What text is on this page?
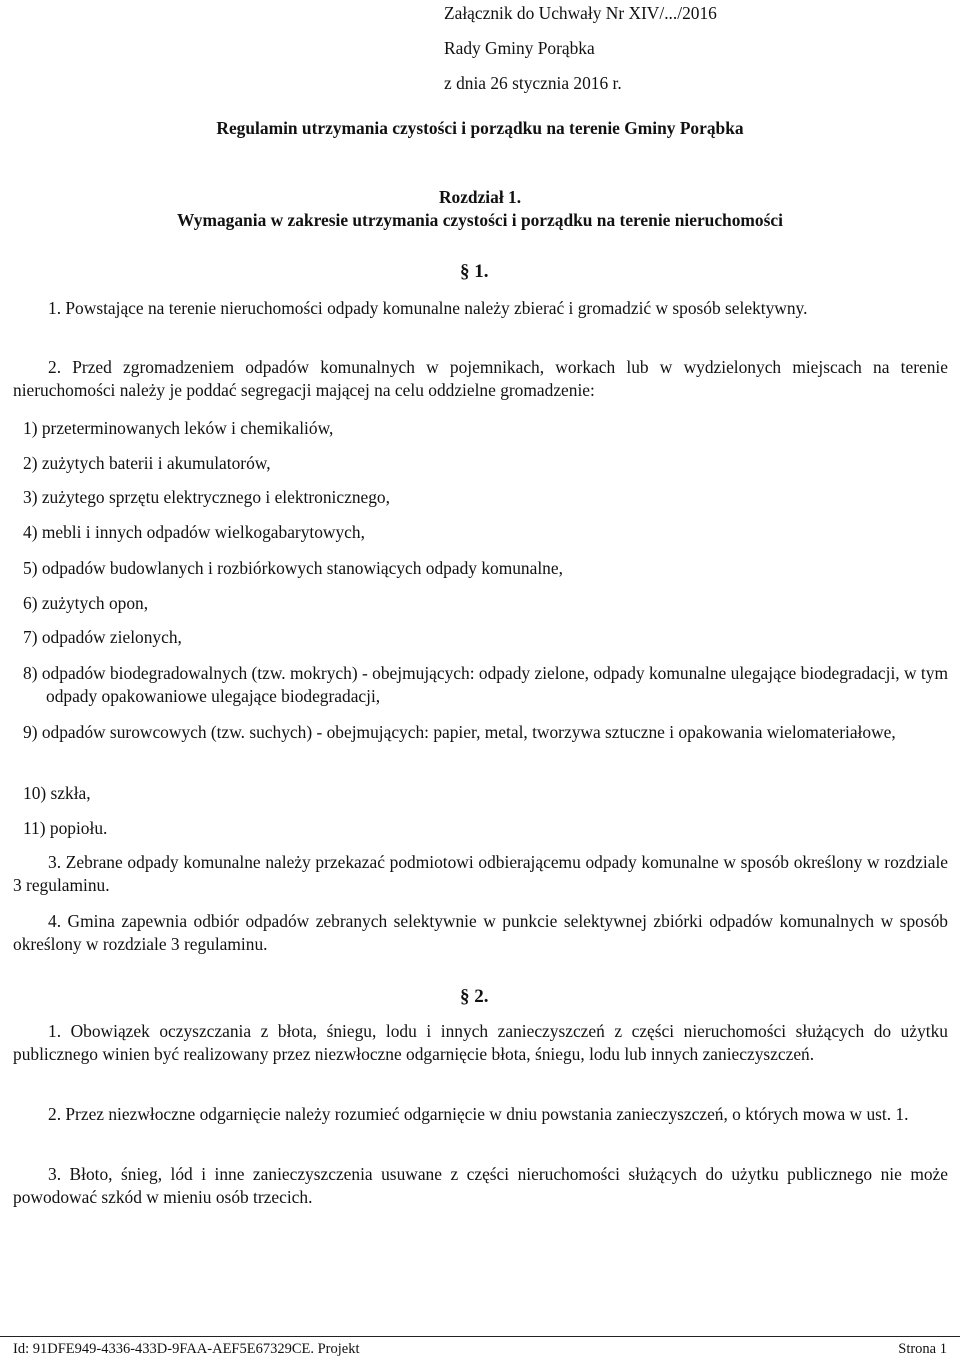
Załącznik do Uchwały Nr XIV/.../2016
Rady Gminy Porąbka
z dnia 26 stycznia 2016 r.
Regulamin utrzymania czystości i porządku na terenie Gminy Porąbka
Rozdział 1.
Wymagania w zakresie utrzymania czystości i porządku na terenie nieruchomości
§ 1.
1. Powstające na terenie nieruchomości odpady komunalne należy zbierać i gromadzić w sposób selektywny.
2. Przed zgromadzeniem odpadów komunalnych w pojemnikach, workach lub w wydzielonych miejscach na terenie nieruchomości należy je poddać segregacji mającej na celu oddzielne gromadzenie:
1) przeterminowanych leków i chemikaliów,
2) zużytych baterii i akumulatorów,
3) zużytego sprzętu elektrycznego i elektronicznego,
4) mebli i innych odpadów wielkogabarytowych,
5) odpadów budowlanych i rozbiórkowych stanowiących odpady komunalne,
6) zużytych opon,
7) odpadów zielonych,
8) odpadów biodegradowalnych (tzw. mokrych) - obejmujących: odpady zielone, odpady komunalne ulegające biodegradacji, w tym odpady opakowaniowe ulegające biodegradacji,
9) odpadów surowcowych (tzw. suchych) - obejmujących: papier, metal, tworzywa sztuczne i opakowania wielomateriałowe,
10) szkła,
11) popiołu.
3. Zebrane odpady komunalne należy przekazać podmiotowi odbierającemu odpady komunalne w sposób określony w rozdziale 3 regulaminu.
4. Gmina zapewnia odbiór odpadów zebranych selektywnie w punkcie selektywnej zbiórki odpadów komunalnych w sposób określony w rozdziale 3 regulaminu.
§ 2.
1. Obowiązek oczyszczania z błota, śniegu, lodu i innych zanieczyszczeń z części nieruchomości służących do użytku publicznego winien być realizowany przez niezwłoczne odgarnięcie błota, śniegu, lodu lub innych zanieczyszczeń.
2. Przez niezwłoczne odgarnięcie należy rozumieć odgarnięcie w dniu powstania zanieczyszczeń, o których mowa w ust. 1.
3. Błoto, śnieg, lód i inne zanieczyszczenia usuwane z części nieruchomości służących do użytku publicznego nie może powodować szkód w mieniu osób trzecich.
Id: 91DFE949-4336-433D-9FAA-AEF5E67329CE. Projekt	Strona 1
